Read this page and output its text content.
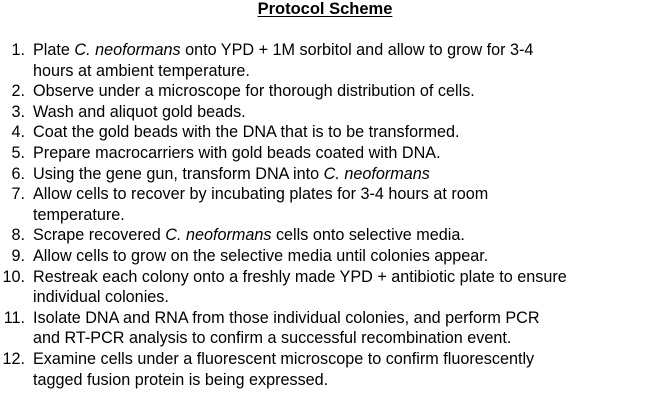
Protocol Scheme
1. Plate C. neoformans onto YPD + 1M sorbitol and allow to grow for 3-4
hours at ambient temperature.
2. Observe under a microscope for thorough distribution of cells.
3. Wash and aliquot gold beads.
4. Coat the gold beads with the DNA that is to be transformed.
5. Prepare macrocarriers with gold beads coated with DNA.
6. Using the gene gun, transform DNA into C. neoformans
7. Allow cells to recover by incubating plates for 3-4 hours at room
temperature.
8. Scrape recovered C. neoformans cells onto selective media.
9. Allow cells to grow on the selective media until colonies appear.
10. Restreak each colony onto a freshly made YPD + antibiotic plate to ensure
individual colonies.
11. Isolate DNA and RNA from those individual colonies, and perform PCR
and RT-PCR analysis to confirm a successful recombination event.
12. Examine cells under a fluorescent microscope to confirm fluorescently
tagged fusion protein is being expressed.
